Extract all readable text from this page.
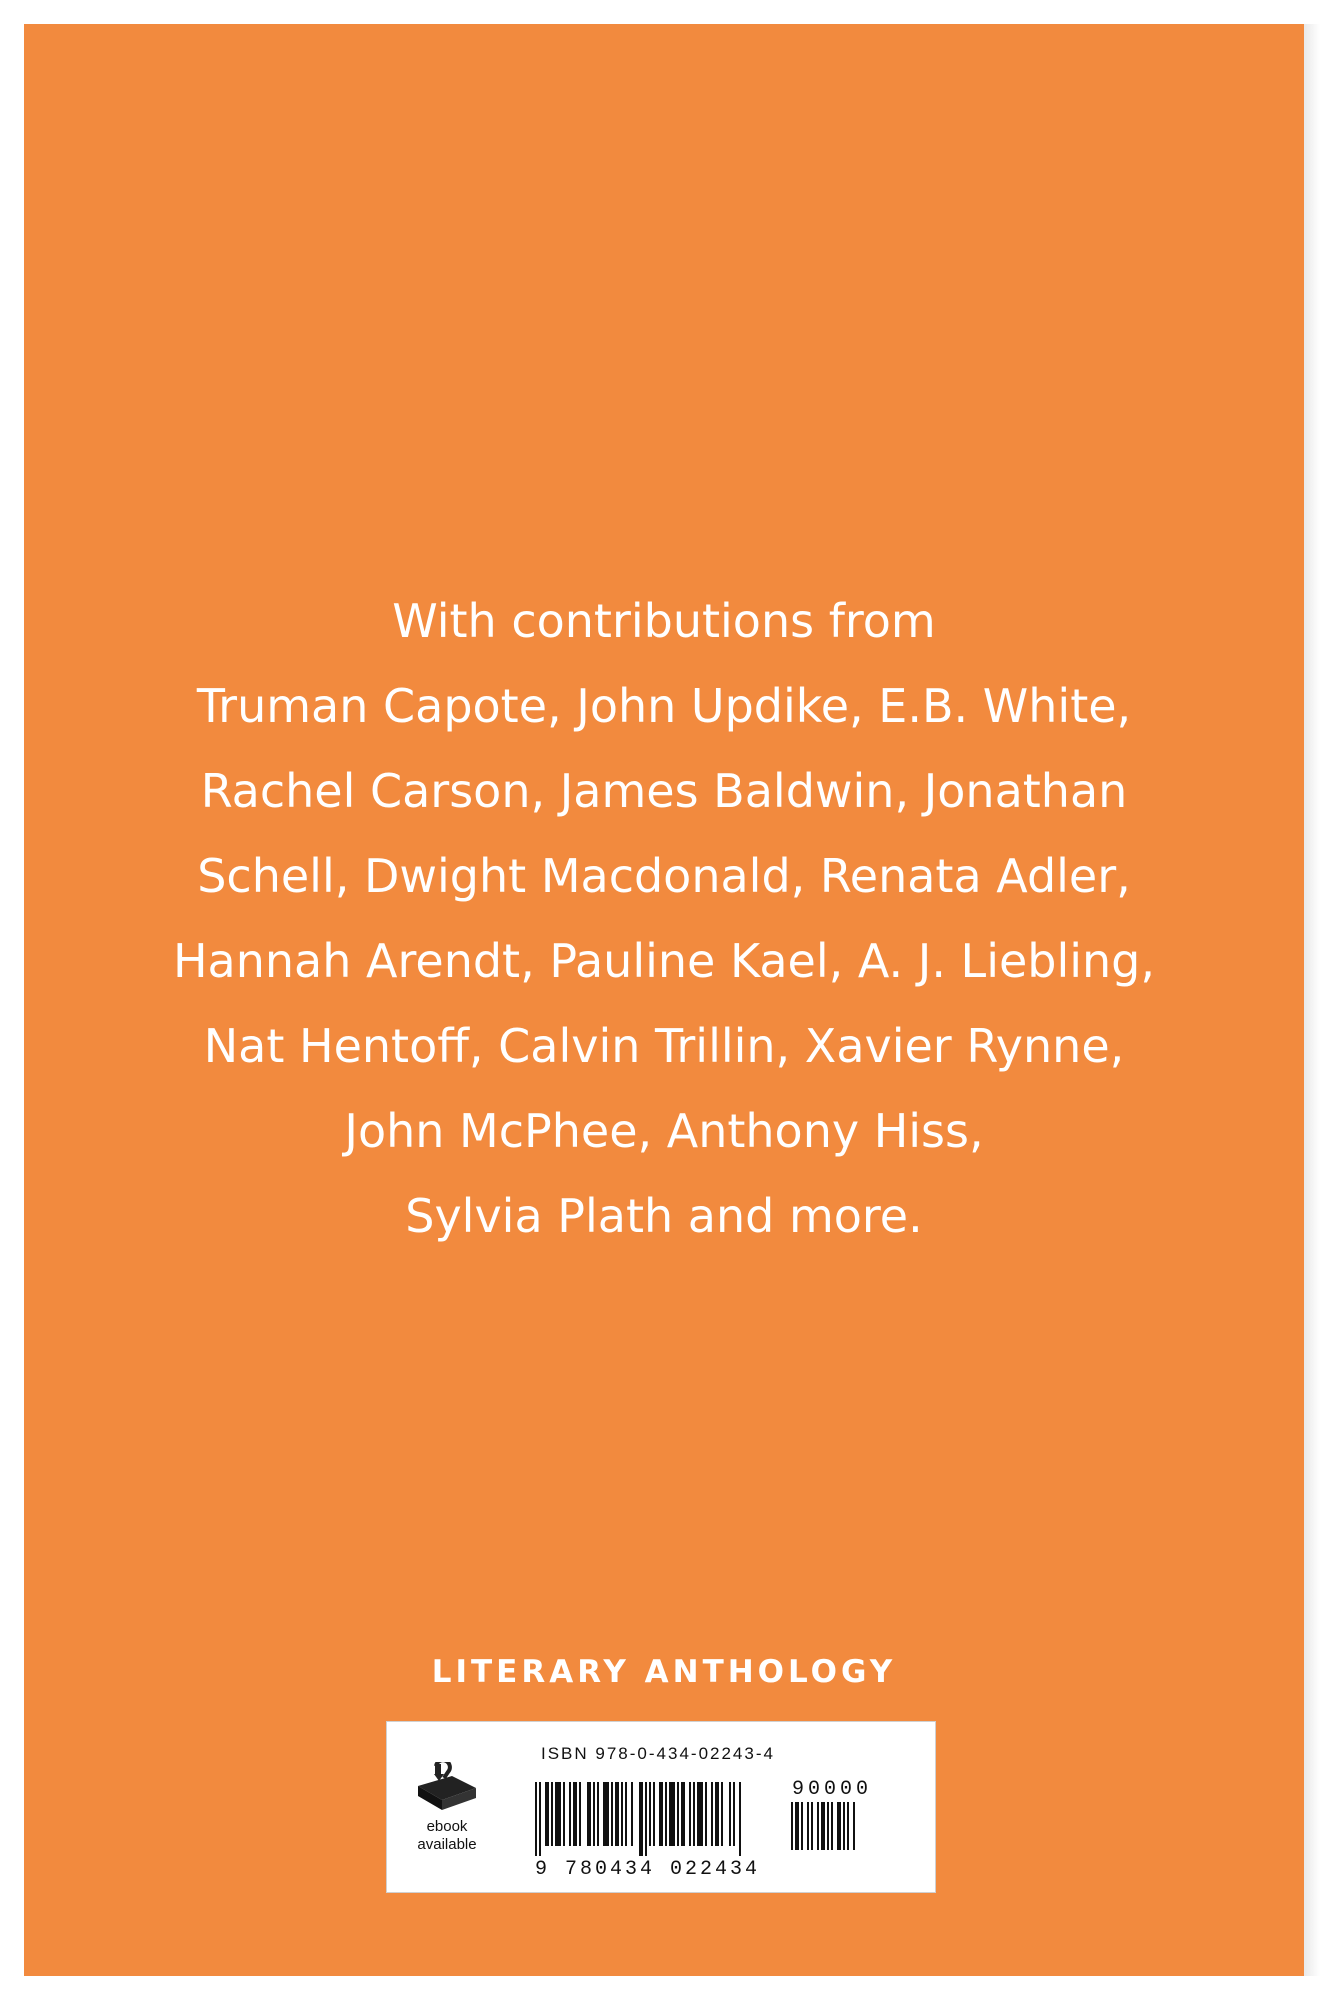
With contributions from
Truman Capote, John Updike, E.B. White,
Rachel Carson, James Baldwin, Jonathan
Schell, Dwight Macdonald, Renata Adler,
Hannah Arendt, Pauline Kael, A. J. Liebling,
Nat Hentoff, Calvin Trillin, Xavier Rynne,
John McPhee, Anthony Hiss,
Sylvia Plath and more.
LITERARY ANTHOLOGY
ebook
available
ISBN 978-0-434-02243-4
90000
9 780434 022434
